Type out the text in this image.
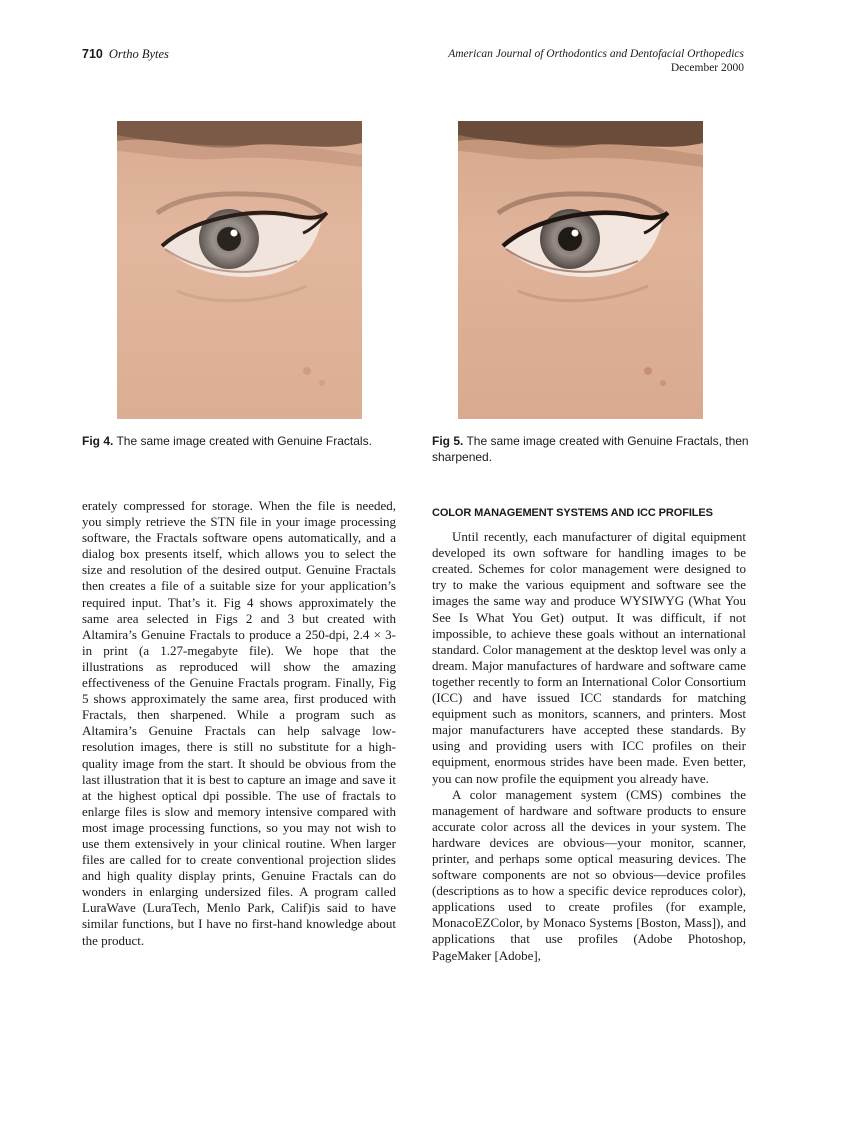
710 Ortho Bytes	American Journal of Orthodontics and Dentofacial Orthopedics
December 2000
Fig 4. The same image created with Genuine Fractals.	Fig 5. The same image created with Genuine Fractals, then sharpened.

erately compressed for storage. When the file is needed, you simply retrieve the STN file in your image processing software, the Fractals software opens automatically, and a dialog box presents itself, which allows you to select the size and resolution of the desired output. Genuine Fractals then creates a file of a suitable size for your application’s required input. That’s it. Fig 4 shows approximately the same area selected in Figs 2 and 3 but created with Altamira’s Genuine Fractals to produce a 250-dpi, 2.4 × 3-in print (a 1.27-megabyte file). We hope that the illustrations as reproduced will show the amazing effectiveness of the Genuine Fractals program. Finally, Fig 5 shows approximately the same area, first produced with Fractals, then sharpened. While a program such as Altamira’s Genuine Fractals can help salvage low-resolution images, there is still no substitute for a high-quality image from the start. It should be obvious from the last illustration that it is best to capture an image and save it at the highest optical dpi possible. The use of fractals to enlarge files is slow and memory intensive compared with most image processing functions, so you may not wish to use them extensively in your clinical routine. When larger files are called for to create conventional projection slides and high quality display prints, Genuine Fractals can do wonders in enlarging undersized files. A program called LuraWave (LuraTech, Menlo Park, Calif)is said to have similar functions, but I have no first-hand knowledge about the product.

COLOR MANAGEMENT SYSTEMS AND ICC PROFILES

Until recently, each manufacturer of digital equipment developed its own software for handling images to be created. Schemes for color management were designed to try to make the various equipment and software see the images the same way and produce WYSIWYG (What You See Is What You Get) output. It was difficult, if not impossible, to achieve these goals without an international standard. Color management at the desktop level was only a dream. Major manufactures of hardware and software came together recently to form an International Color Consortium (ICC) and have issued ICC standards for matching equipment such as monitors, scanners, and printers. Most major manufacturers have accepted these standards. By using and providing users with ICC profiles on their equipment, enormous strides have been made. Even better, you can now profile the equipment you already have.

A color management system (CMS) combines the management of hardware and software products to ensure accurate color across all the devices in your system. The hardware devices are obvious—your monitor, scanner, printer, and perhaps some optical measuring devices. The software components are not so obvious—device profiles (descriptions as to how a specific device reproduces color), applications used to create profiles (for example, MonacoEZColor, by Monaco Systems [Boston, Mass]), and applications that use profiles (Adobe Photoshop, PageMaker [Adobe],
